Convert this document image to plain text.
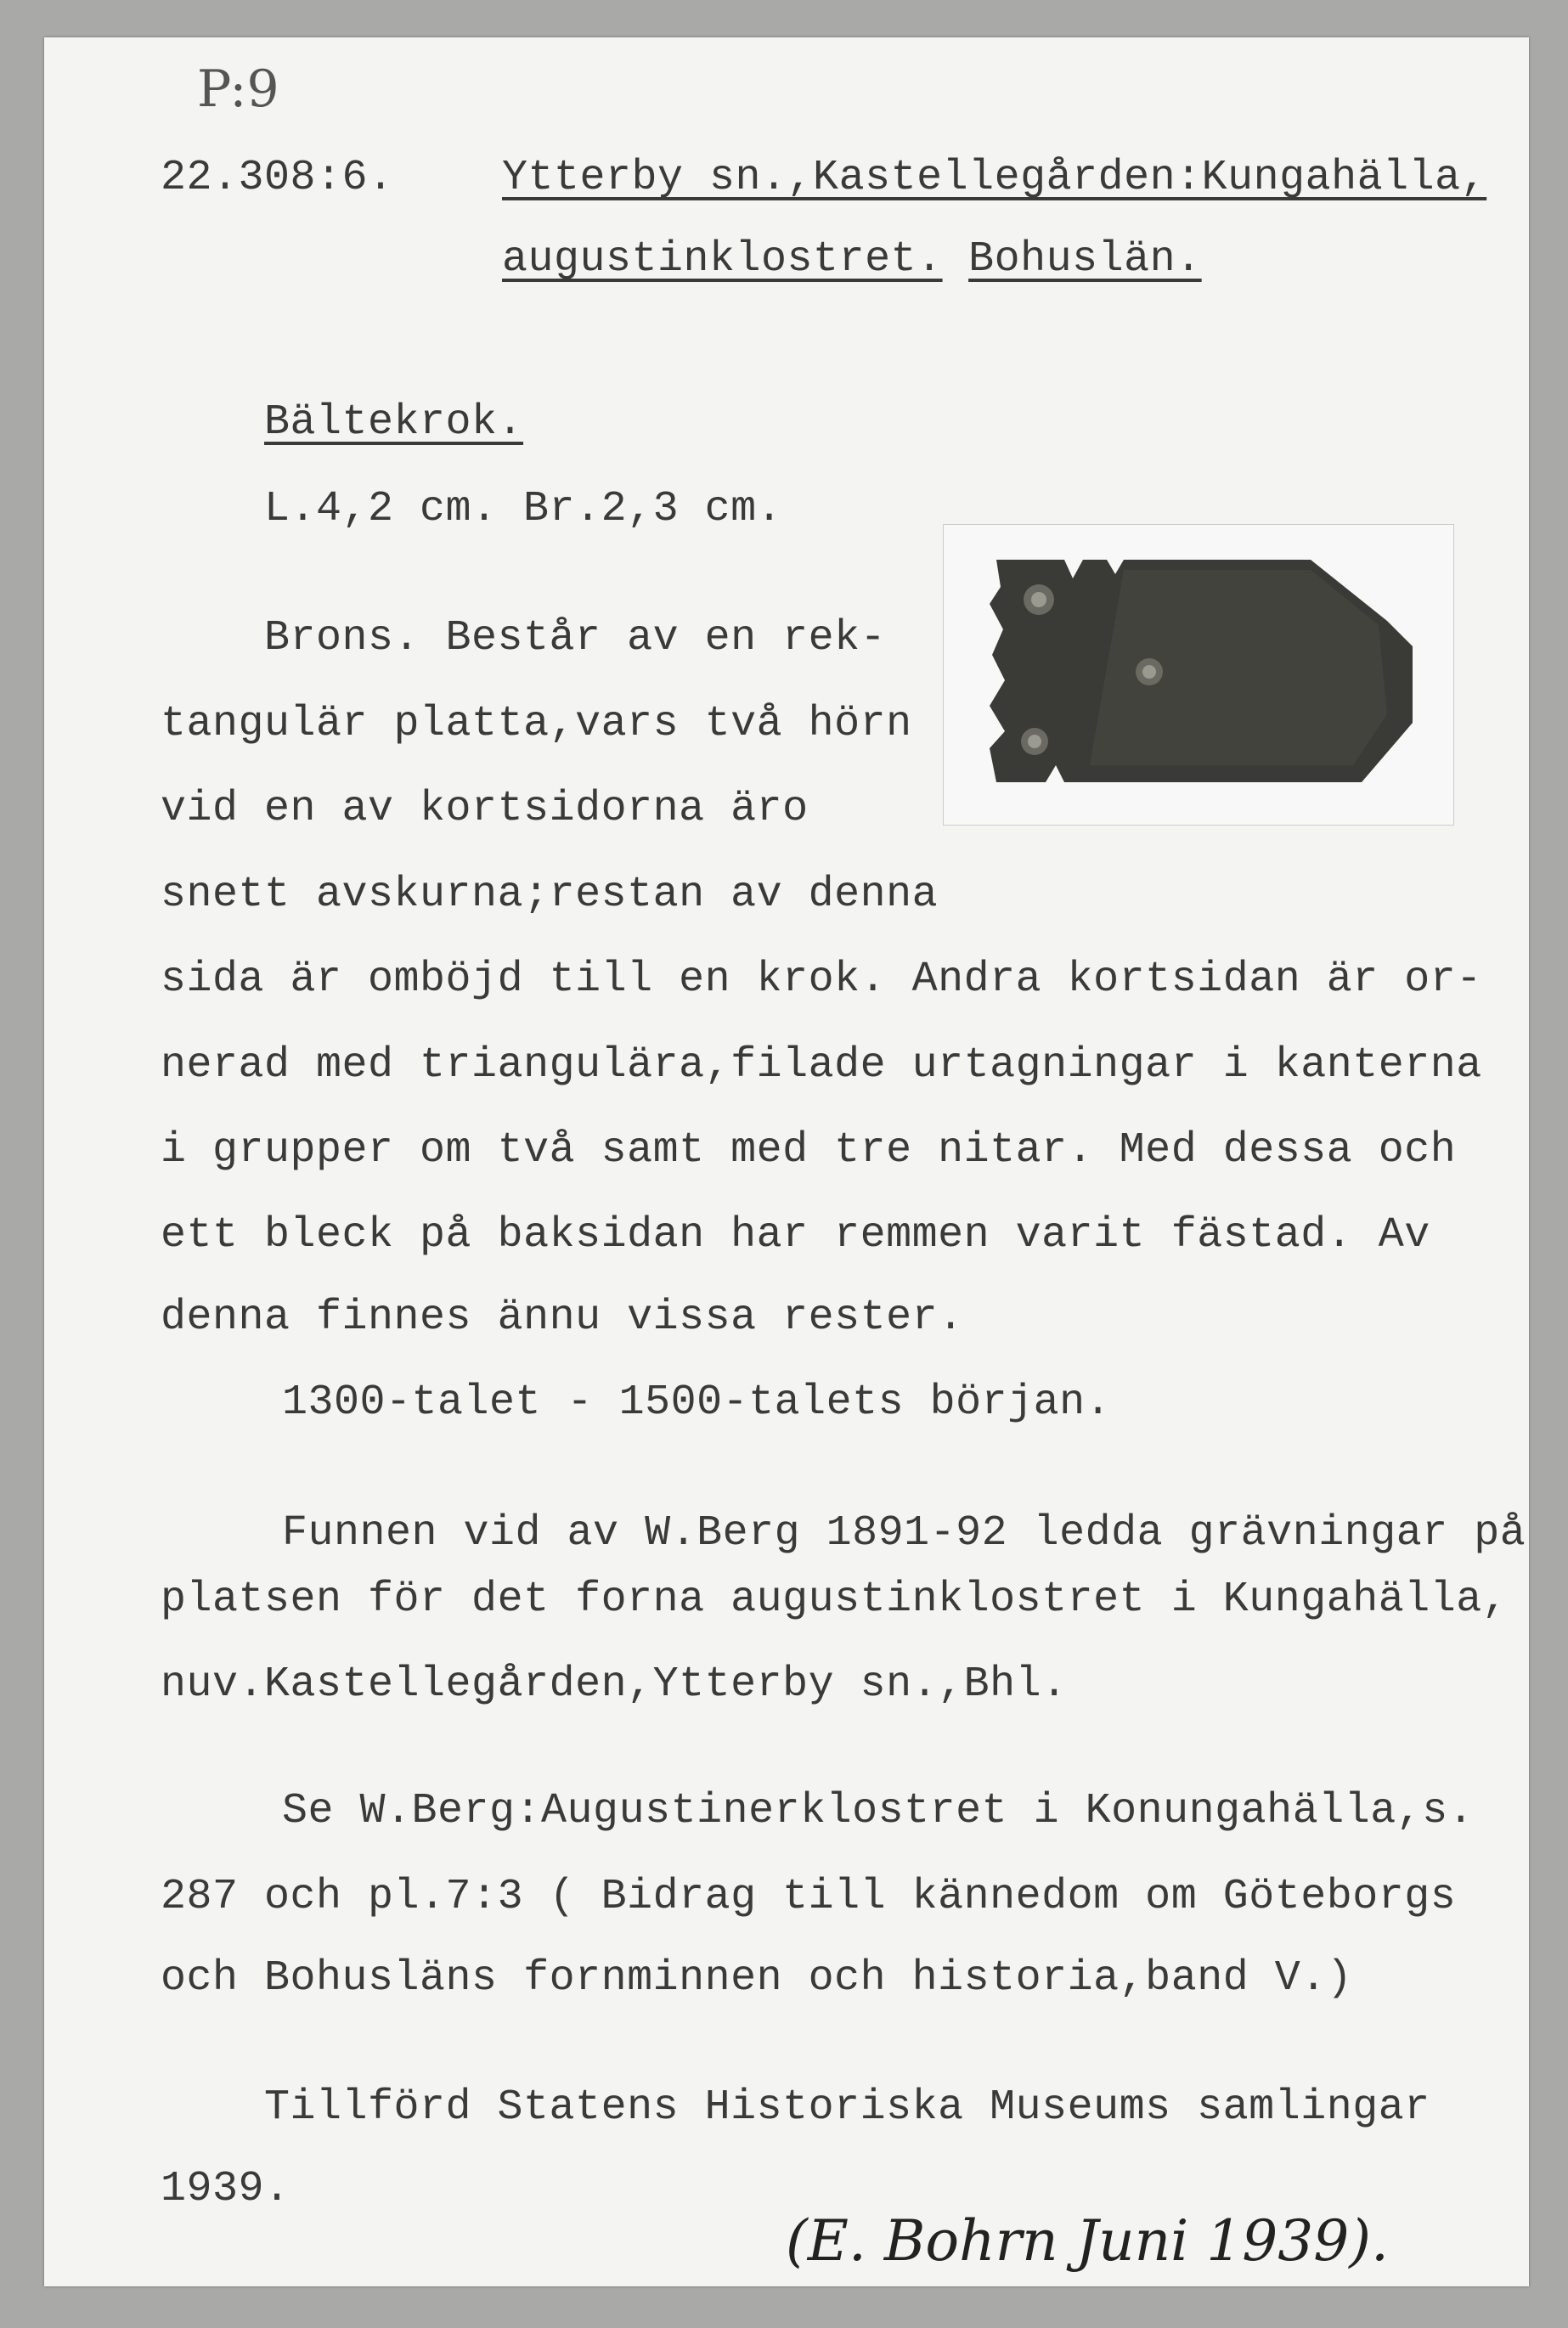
P:9
22.308:6.	Ytterby sn.,Kastellegården:Kungahälla,
augustinklostret. Bohuslän.
Bältekrok.
L.4,2 cm. Br.2,3 cm.
Brons. Består av en rek-
tangulär platta,vars två hörn
vid en av kortsidorna äro
snett avskurna;restan av denna
sida är omböjd till en krok. Andra kortsidan är or-
nerad med triangulära,filade urtagningar i kanterna
i grupper om två samt med tre nitar. Med dessa och
ett bleck på baksidan har remmen varit fästad. Av
denna finnes ännu vissa rester.
1300-talet - 1500-talets början.
Funnen vid av W.Berg 1891-92 ledda grävningar på
platsen för det forna augustinklostret i Kungahälla,
nuv.Kastellegården,Ytterby sn.,Bhl.
Se W.Berg:Augustinerklostret i Konungahälla,s.
287 och pl.7:3 ( Bidrag till kännedom om Göteborgs
och Bohusläns fornminnen och historia,band V.)
Tillförd Statens Historiska Museums samlingar
1939.
(E. Bohrn Juni 1939).
